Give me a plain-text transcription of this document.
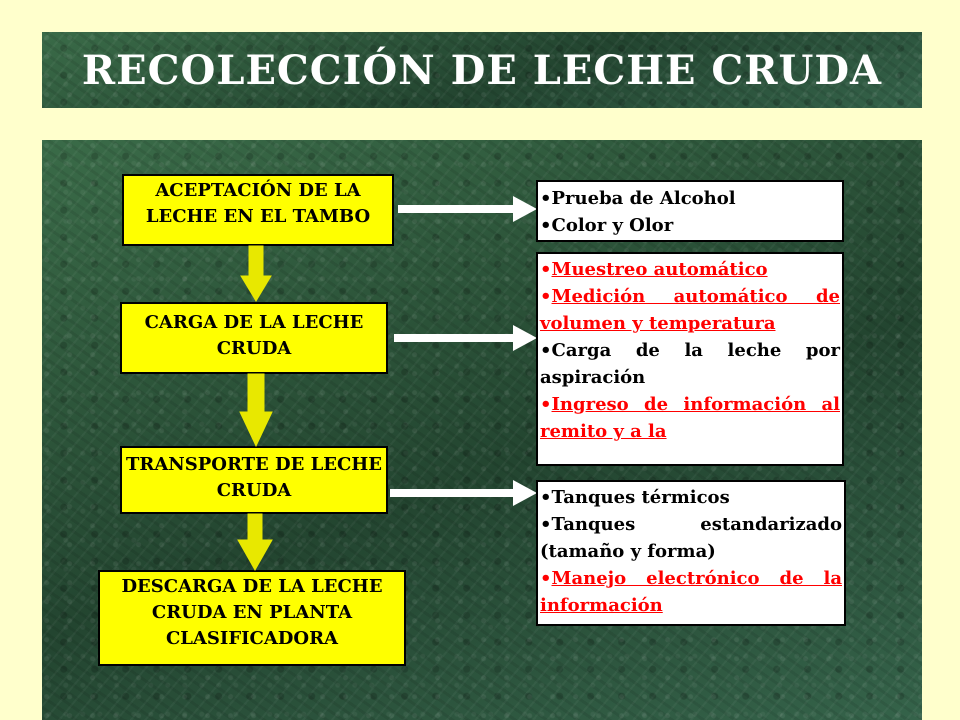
RECOLECCIÓN DE LECHE CRUDA
ACEPTACIÓN DE LA LECHE EN EL TAMBO
CARGA DE LA LECHE CRUDA
TRANSPORTE DE LECHE CRUDA
DESCARGA DE LA LECHE CRUDA EN PLANTA CLASIFICADORA
•Prueba de Alcohol
•Color y Olor
•Muestreo automático
•Medición automático de volumen y temperatura
•Carga de la leche por aspiración
•Ingreso de información al remito y a la
•Tanques térmicos
•Tanques estandarizado (tamaño y forma)
•Manejo electrónico de la información
